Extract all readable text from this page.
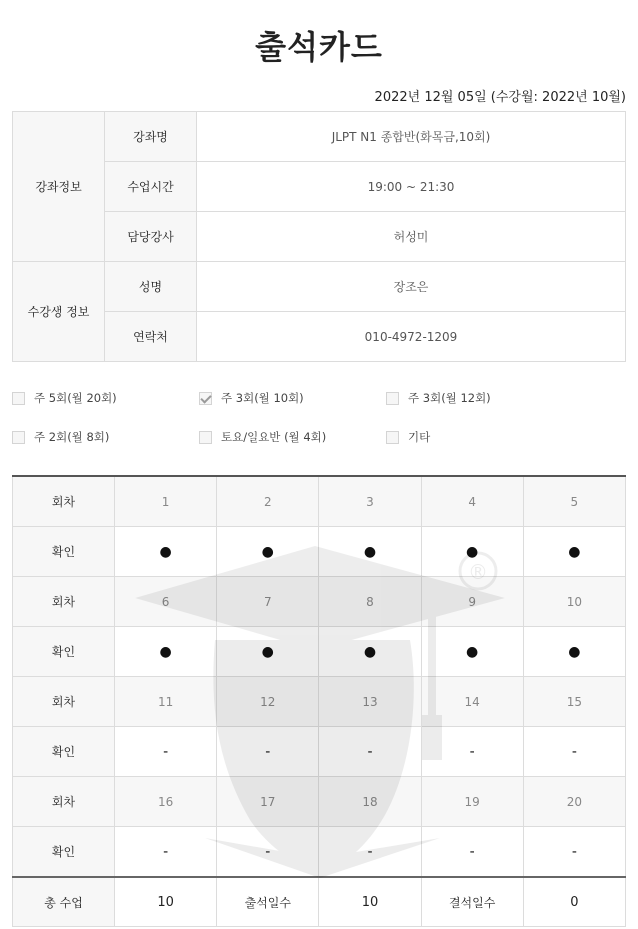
출석카드
2022년 12월 05일 (수강월: 2022년 10월)
강좌정보	강좌명	JLPT N1 종합반(화목금,10회)
	수업시간	19:00 ~ 21:30
	담당강사	허성미
수강생 정보	성명	장조은
	연락처	010-4972-1209
주 5회(월 20회)	주 3회(월 10회)	주 3회(월 12회)
주 2회(월 8회)	토요/일요반 (월 4회)	기타
회차	1	2	3	4	5
확인	●	●	●	●	●
회차	6	7	8	9	10
확인	●	●	●	●	●
회차	11	12	13	14	15
확인	-	-	-	-	-
회차	16	17	18	19	20
확인	-	-	-	-	-
총 수업	10	출석일수	10	결석일수	0
®
